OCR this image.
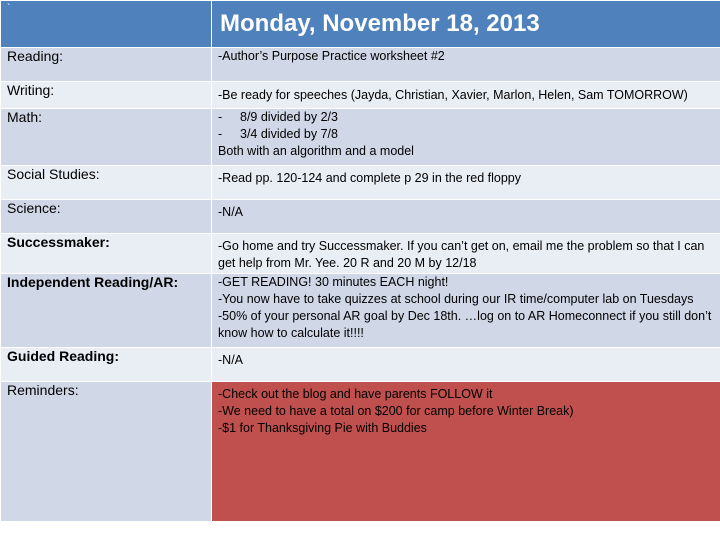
`	Monday, November 18, 2013
Reading:	-Author’s Purpose Practice worksheet #2

Writing:	-Be ready for speeches (Jayda, Christian, Xavier, Marlon, Helen, Sam TOMORROW)

Math:	- 8/9 divided by 2/3
- 3/4 divided by 7/8
Both with an algorithm and a model

Social Studies:	-Read pp. 120-124 and complete p 29 in the red floppy

Science:	-N/A

Successmaker:	-Go home and try Successmaker. If you can’t get on, email me the problem so that I can get help from Mr. Yee. 20 R and 20 M by 12/18

Independent Reading/AR:	-GET READING! 30 minutes EACH night!
-You now have to take quizzes at school during our IR time/computer lab on Tuesdays
-50% of your personal AR goal by Dec 18th. …log on to AR Homeconnect if you still don’t know how to calculate it!!!!

Guided Reading:	-N/A

Reminders:	-Check out the blog and have parents FOLLOW it
-We need to have a total on $200 for camp before Winter Break)
-$1 for Thanksgiving Pie with Buddies
